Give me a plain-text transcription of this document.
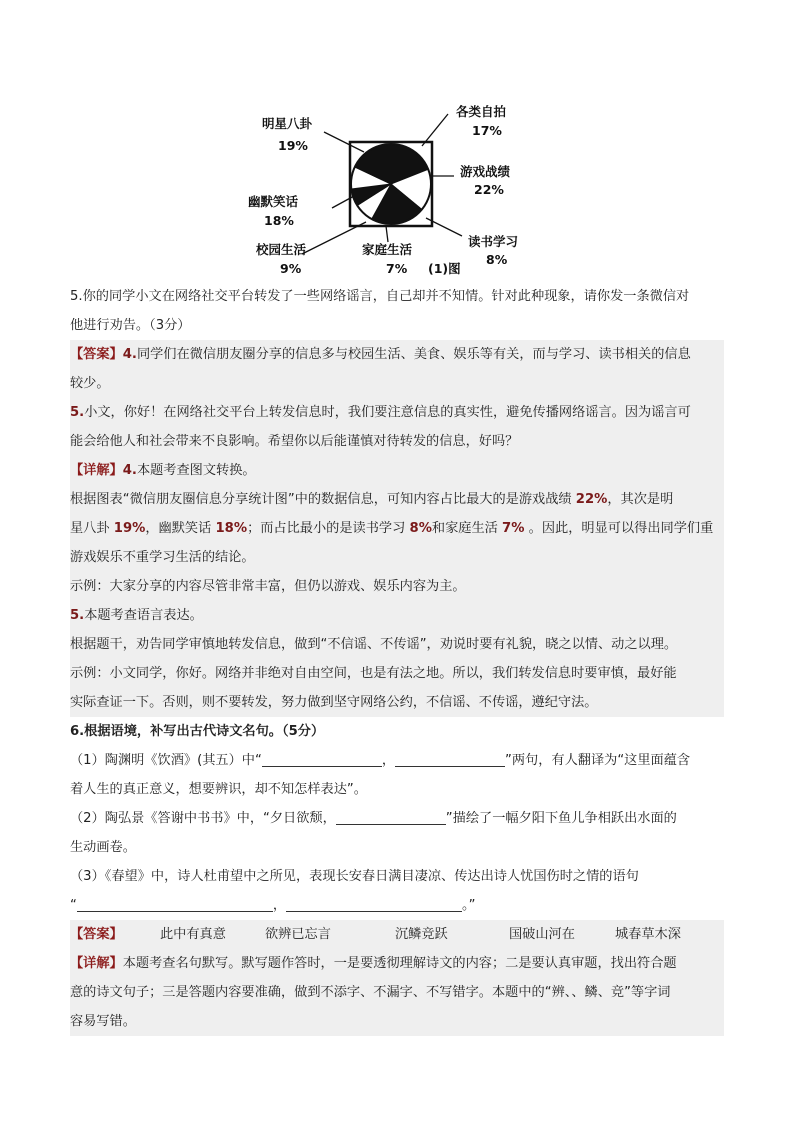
明星八卦
19%
各类自拍
17%
游戏战绩
22%
幽默笑话
18%
读书学习
8%
家庭生活
7%
校园生活
9%	(1)图

5.你的同学小文在网络社交平台转发了一些网络谣言，自己却并不知情。针对此种现象，请你发一条微信对
他进行劝告。（3分）

【答案】4.同学们在微信朋友圈分享的信息多与校园生活、美食、娱乐等有关，而与学习、读书相关的信息
较少。

5.小文，你好！在网络社交平台上转发信息时，我们要注意信息的真实性，避免传播网络谣言。因为谣言可
能会给他人和社会带来不良影响。希望你以后能谨慎对待转发的信息，好吗？

【详解】4.本题考查图文转换。

根据图表“微信朋友圈信息分享统计图”中的数据信息，可知内容占比最大的是游戏战绩 22%，其次是明
星八卦 19%，幽默笑话 18%；而占比最小的是读书学习 8%和家庭生活 7% 。因此，明显可以得出同学们重
游戏娱乐不重学习生活的结论。

示例：大家分享的内容尽管非常丰富，但仍以游戏、娱乐内容为主。

5.本题考查语言表达。

根据题干，劝告同学审慎地转发信息，做到“不信谣、不传谣”，劝说时要有礼貌，晓之以情、动之以理。

示例：小文同学，你好。网络并非绝对自由空间，也是有法之地。所以，我们转发信息时要审慎，最好能
实际查证一下。否则，则不要转发，努力做到坚守网络公约，不信谣、不传谣，遵纪守法。

6.根据语境，补写出古代诗文名句。（5分）

（1）陶渊明《饮酒》(其五）中“	，	”两句，有人翻译为“这里面蕴含
着人生的真正意义，想要辨识，却不知怎样表达”。

（2）陶弘景《答谢中书书》中，“夕日欲颓，	”描绘了一幅夕阳下鱼儿争相跃出水面的
生动画卷。

（3）《春望》中，诗人杜甫望中之所见，表现长安春日满目凄凉、传达出诗人忧国伤时之情的语句
“	，	。”

【答案】	此中有真意	欲辨已忘言	沉鳞竞跃	国破山河在	城春草木深

【详解】本题考查名句默写。默写题作答时，一是要透彻理解诗文的内容；二是要认真审题，找出符合题
意的诗文句子；三是答题内容要准确，做到不添字、不漏字、不写错字。本题中的“辨、、鳞、竞”等字词
容易写错。
